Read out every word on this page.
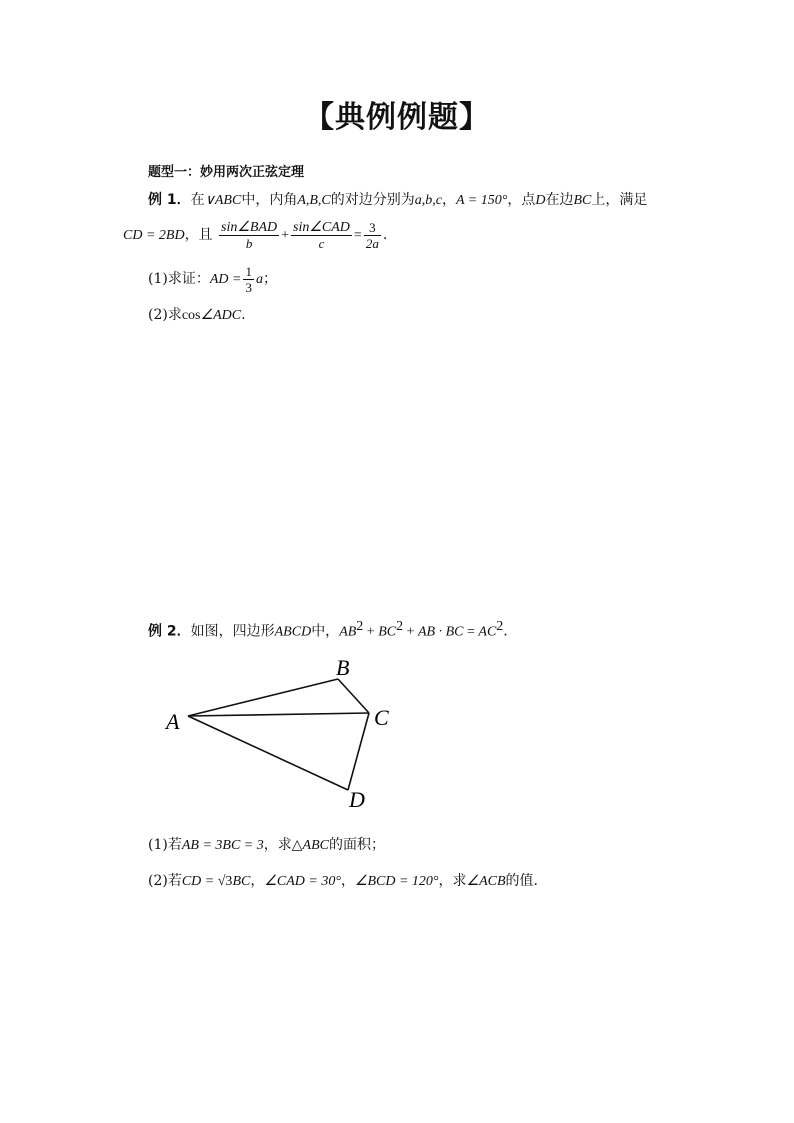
【典例例题】
题型一：妙用两次正弦定理
例 1．在∨ABC中，内角A,B,C的对边分别为a,b,c，A = 150°，点D在边BC上，满足
CD = 2BD，且 $\frac{\text{sin∠BAD}}{b} + \frac{\text{sin∠CAD}}{c} = \frac{3}{2a}$ .
(1)求证：AD = $\frac{1}{3}$ a；
(2)求cos∠ADC.
例 2．如图，四边形ABCD中，$AB^2 + BC^2$ + AB · BC = $AC^2$.
A
B
C
D
(1)若AB = 3BC = 3，求△ABC的面积；
(2)若CD = √3BC，∠CAD = 30°，∠BCD = 120°，求∠ACB的值.
